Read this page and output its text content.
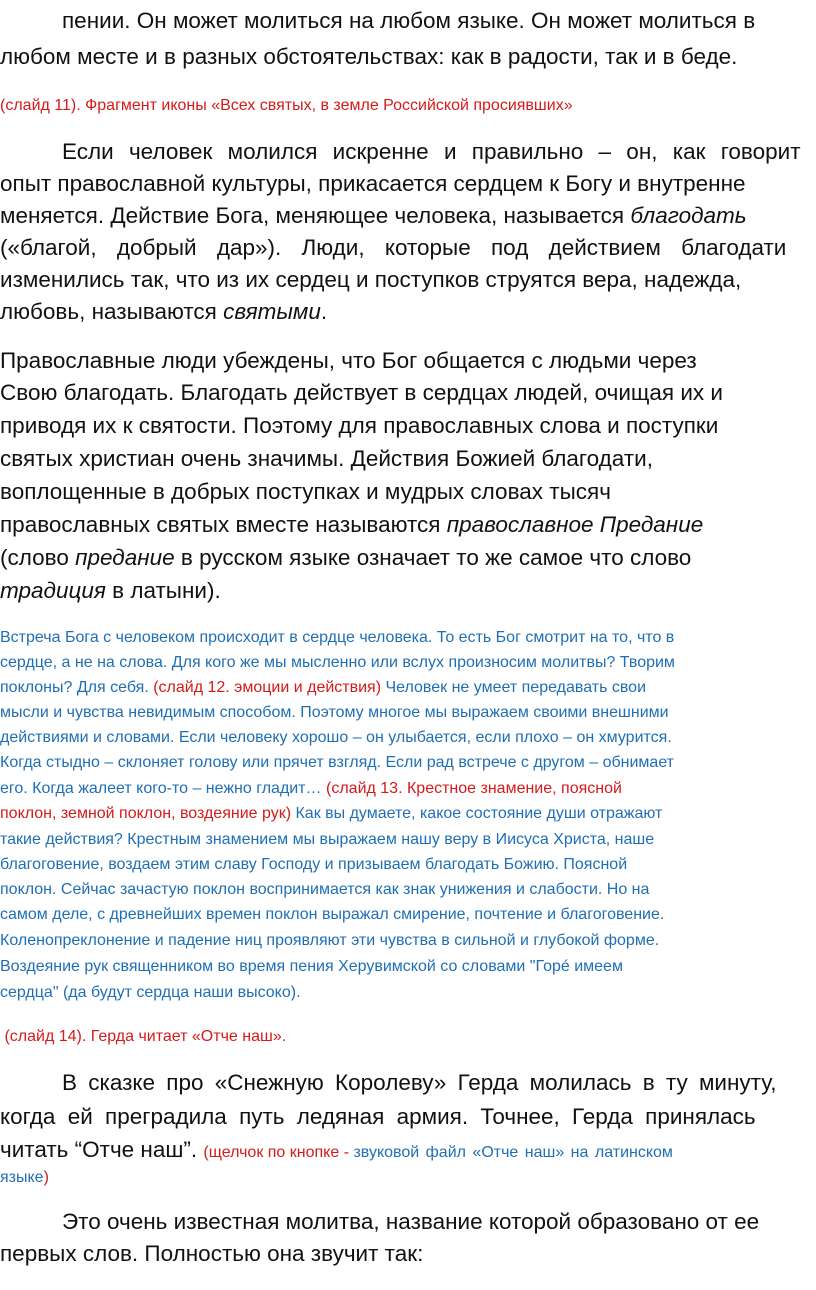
пении. Он может молиться на любом языке. Он может молиться в

любом месте и в разных обстоятельствах: как в радости, так и в беде.

(слайд 11). Фрагмент иконы «Всех святых, в земле Российской просиявших»

Если человек молился искренне и правильно – он, как говорит

опыт православной культуры, прикасается сердцем к Богу и внутренне

меняется. Действие Бога, меняющее человека, называется благодать

(«благой, добрый дар»). Люди, которые под действием благодати

изменились так, что из их сердец и поступков струятся вера, надежда,

любовь, называются святыми.

Православные люди убеждены, что Бог общается с людьми через

Свою благодать. Благодать действует в сердцах людей, очищая их и

приводя их к святости. Поэтому для православных слова и поступки

святых христиан очень значимы. Действия Божией благодати,

воплощенные в добрых поступках и мудрых словах тысяч

православных святых вместе называются православное Предание

(слово предание в русском языке означает то же самое что слово

традиция в латыни).

Встреча Бога с человеком происходит в сердце человека. То есть Бог смотрит на то, что в

сердце, а не на слова. Для кого же мы мысленно или вслух произносим молитвы? Творим

поклоны? Для себя. (слайд 12. эмоции и действия) Человек не умеет передавать свои

мысли и чувства невидимым способом. Поэтому многое мы выражаем своими внешними

действиями и словами. Если человеку хорошо – он улыбается, если плохо – он хмурится.

Когда стыдно – склоняет голову или прячет взгляд. Если рад встрече с другом – обнимает

его. Когда жалеет кого-то – нежно гладит… (слайд 13. Крестное знамение, поясной

поклон, земной поклон, воздеяние рук) Как вы думаете, какое состояние души отражают

такие действия? Крестным знамением мы выражаем нашу веру в Иисуса Христа, наше

благоговение, воздаем этим славу Господу и призываем благодать Божию. Поясной

поклон. Сейчас зачастую поклон воспринимается как знак унижения и слабости. Но на

самом деле, с древнейших времен поклон выражал смирение, почтение и благоговение.

Коленопреклонение и падение ниц проявляют эти чувства в сильной и глубокой форме.

Воздеяние рук священником во время пения Херувимской со словами "Горé имеем

сердца" (да будут сердца наши высоко).

(слайд 14). Герда читает «Отче наш».

В сказке про «Снежную Королеву» Герда молилась в ту минуту,

когда ей преградила путь ледяная армия. Точнее, Герда принялась

читать “Отче наш”. (щелчок по кнопке - звуковой файл «Отче наш» на латинском

языке)

Это очень известная молитва, название которой образовано от ее

первых слов. Полностью она звучит так:
